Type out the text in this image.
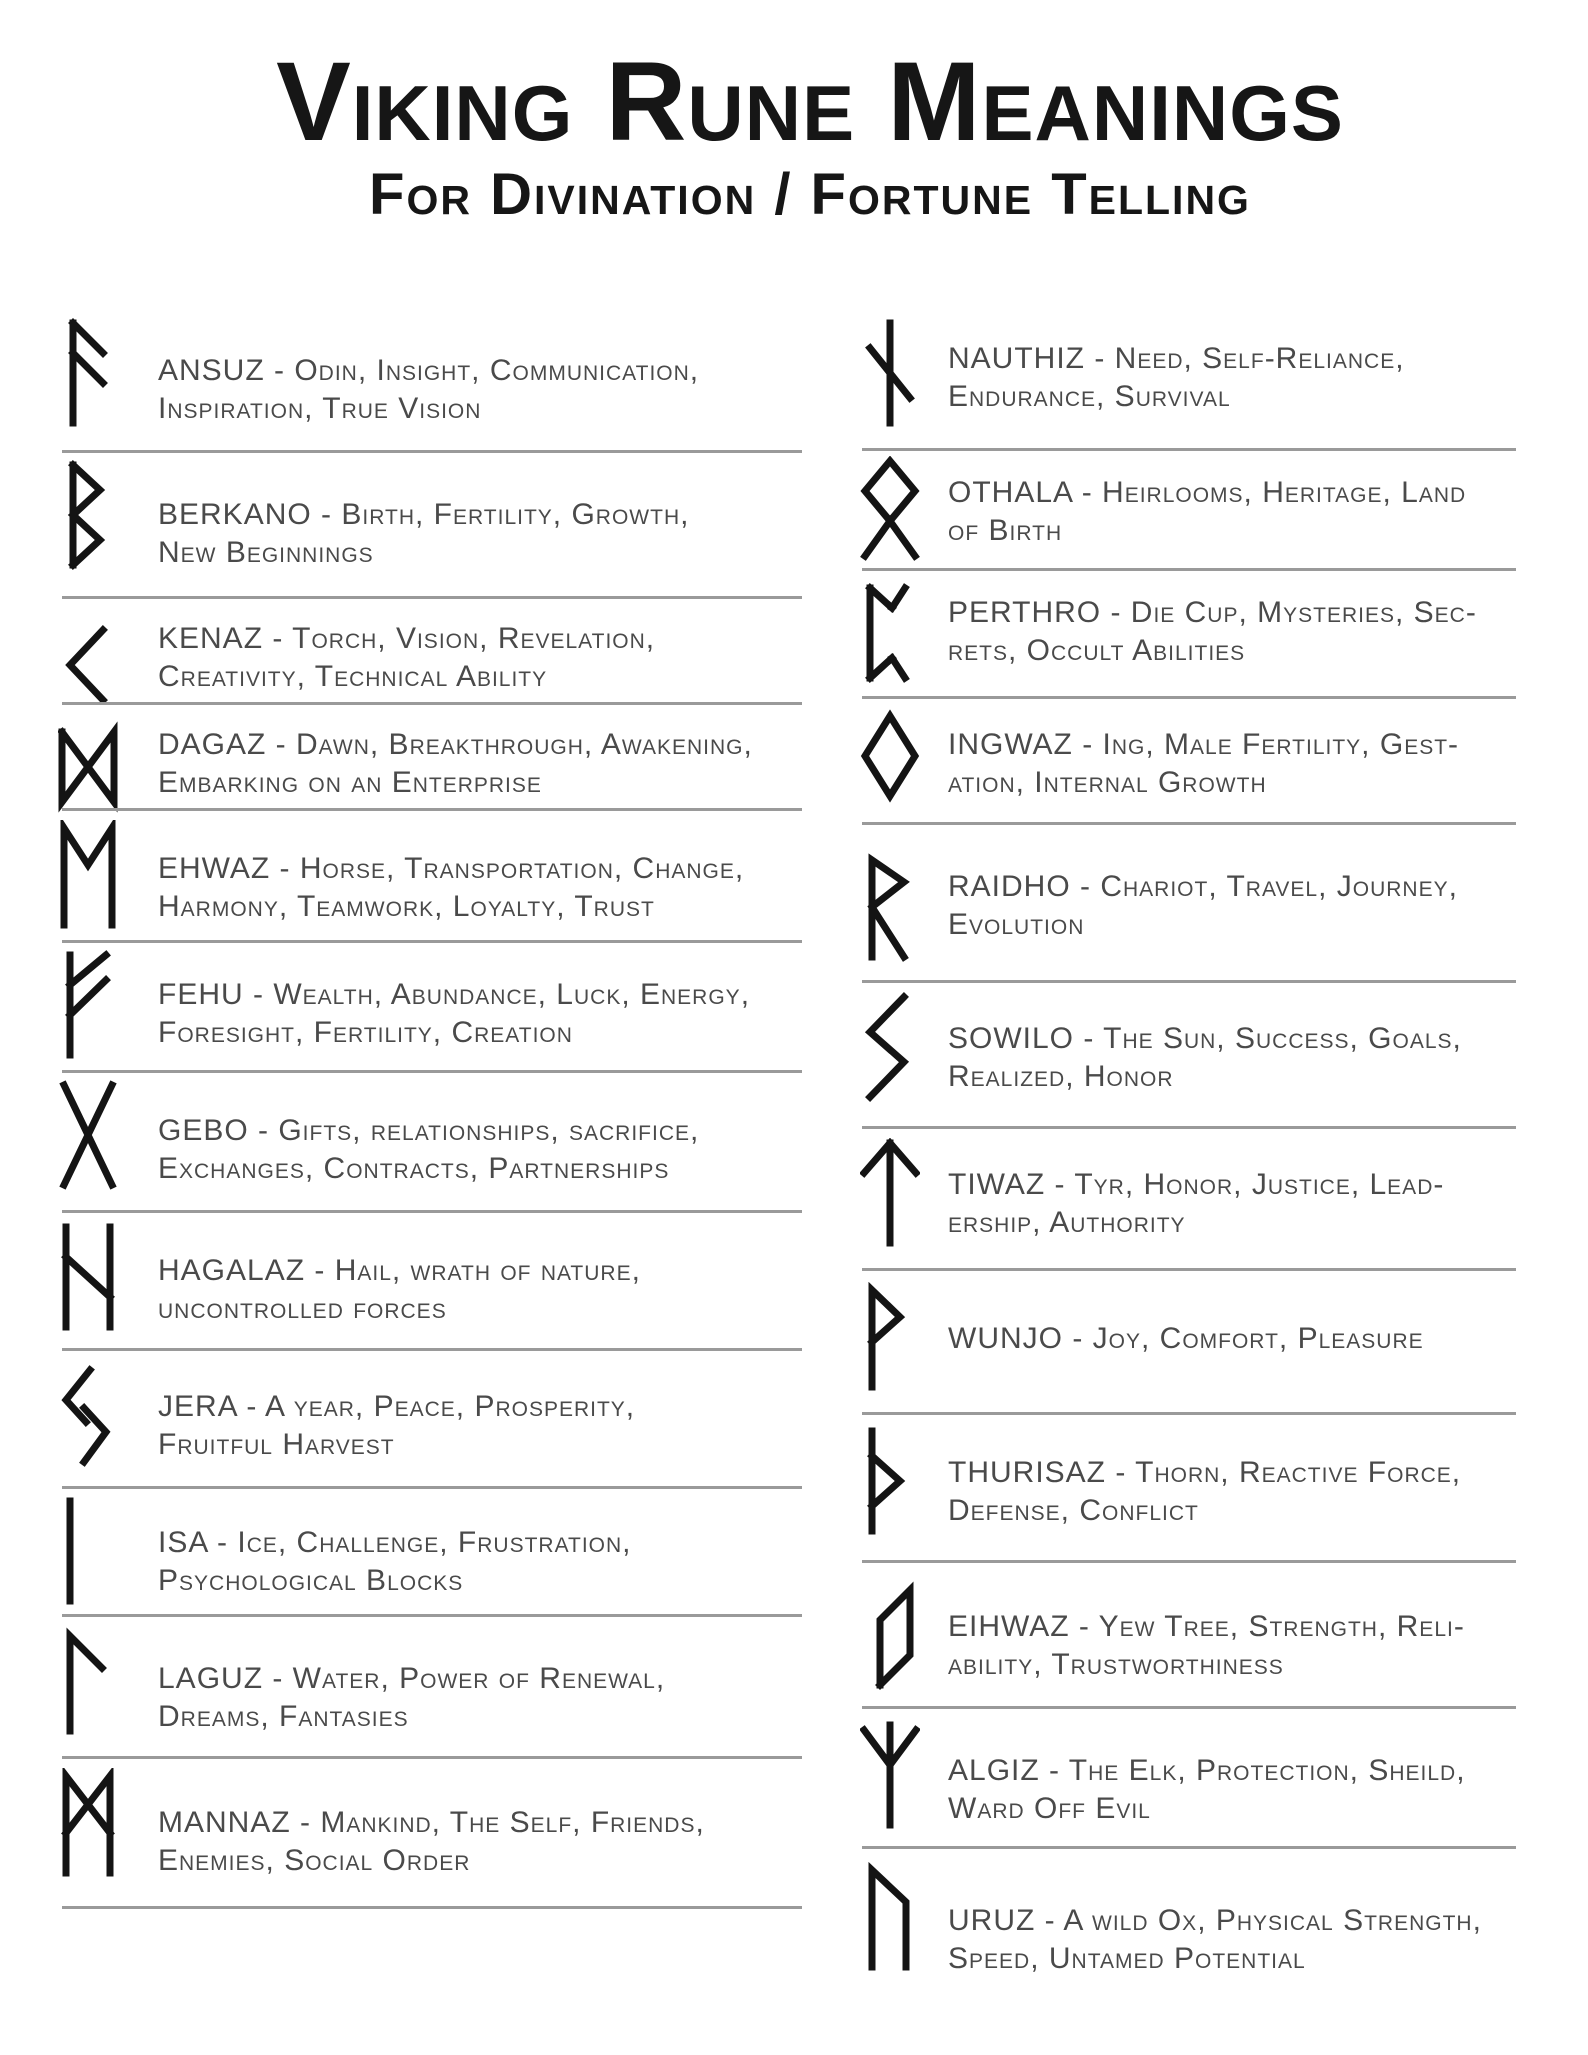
Viking Rune Meanings
For Divination / Fortune Telling
ANSUZ - Odin, Insight, Communication,
Inspiration, True Vision
BERKANO - Birth, Fertility, Growth,
New Beginnings
KENAZ - Torch, Vision, Revelation,
Creativity, Technical Ability
DAGAZ - Dawn, Breakthrough, Awakening,
Embarking on an Enterprise
EHWAZ - Horse, Transportation, Change,
Harmony, Teamwork, Loyalty, Trust
FEHU - Wealth, Abundance, Luck, Energy,
Foresight, Fertility, Creation
GEBO - Gifts, relationships, sacrifice,
Exchanges, Contracts, Partnerships
HAGALAZ - Hail, wrath of nature,
uncontrolled forces
JERA - A year, Peace, Prosperity,
Fruitful Harvest
ISA - Ice, Challenge, Frustration,
Psychological Blocks
LAGUZ - Water, Power of Renewal,
Dreams, Fantasies
MANNAZ - Mankind, The Self, Friends,
Enemies, Social Order
NAUTHIZ - Need, Self-Reliance,
Endurance, Survival
OTHALA - Heirlooms, Heritage, Land
of Birth
PERTHRO - Die Cup, Mysteries, Sec-
rets, Occult Abilities
INGWAZ - Ing, Male Fertility, Gest-
ation, Internal Growth
RAIDHO - Chariot, Travel, Journey,
Evolution
SOWILO - The Sun, Success, Goals,
Realized, Honor
TIWAZ - Tyr, Honor, Justice, Lead-
ership, Authority
WUNJO - Joy, Comfort, Pleasure
THURISAZ - Thorn, Reactive Force,
Defense, Conflict
EIHWAZ - Yew Tree, Strength, Reli-
ability, Trustworthiness
ALGIZ - The Elk, Protection, Sheild,
Ward Off Evil
URUZ - A wild Ox, Physical Strength,
Speed, Untamed Potential
